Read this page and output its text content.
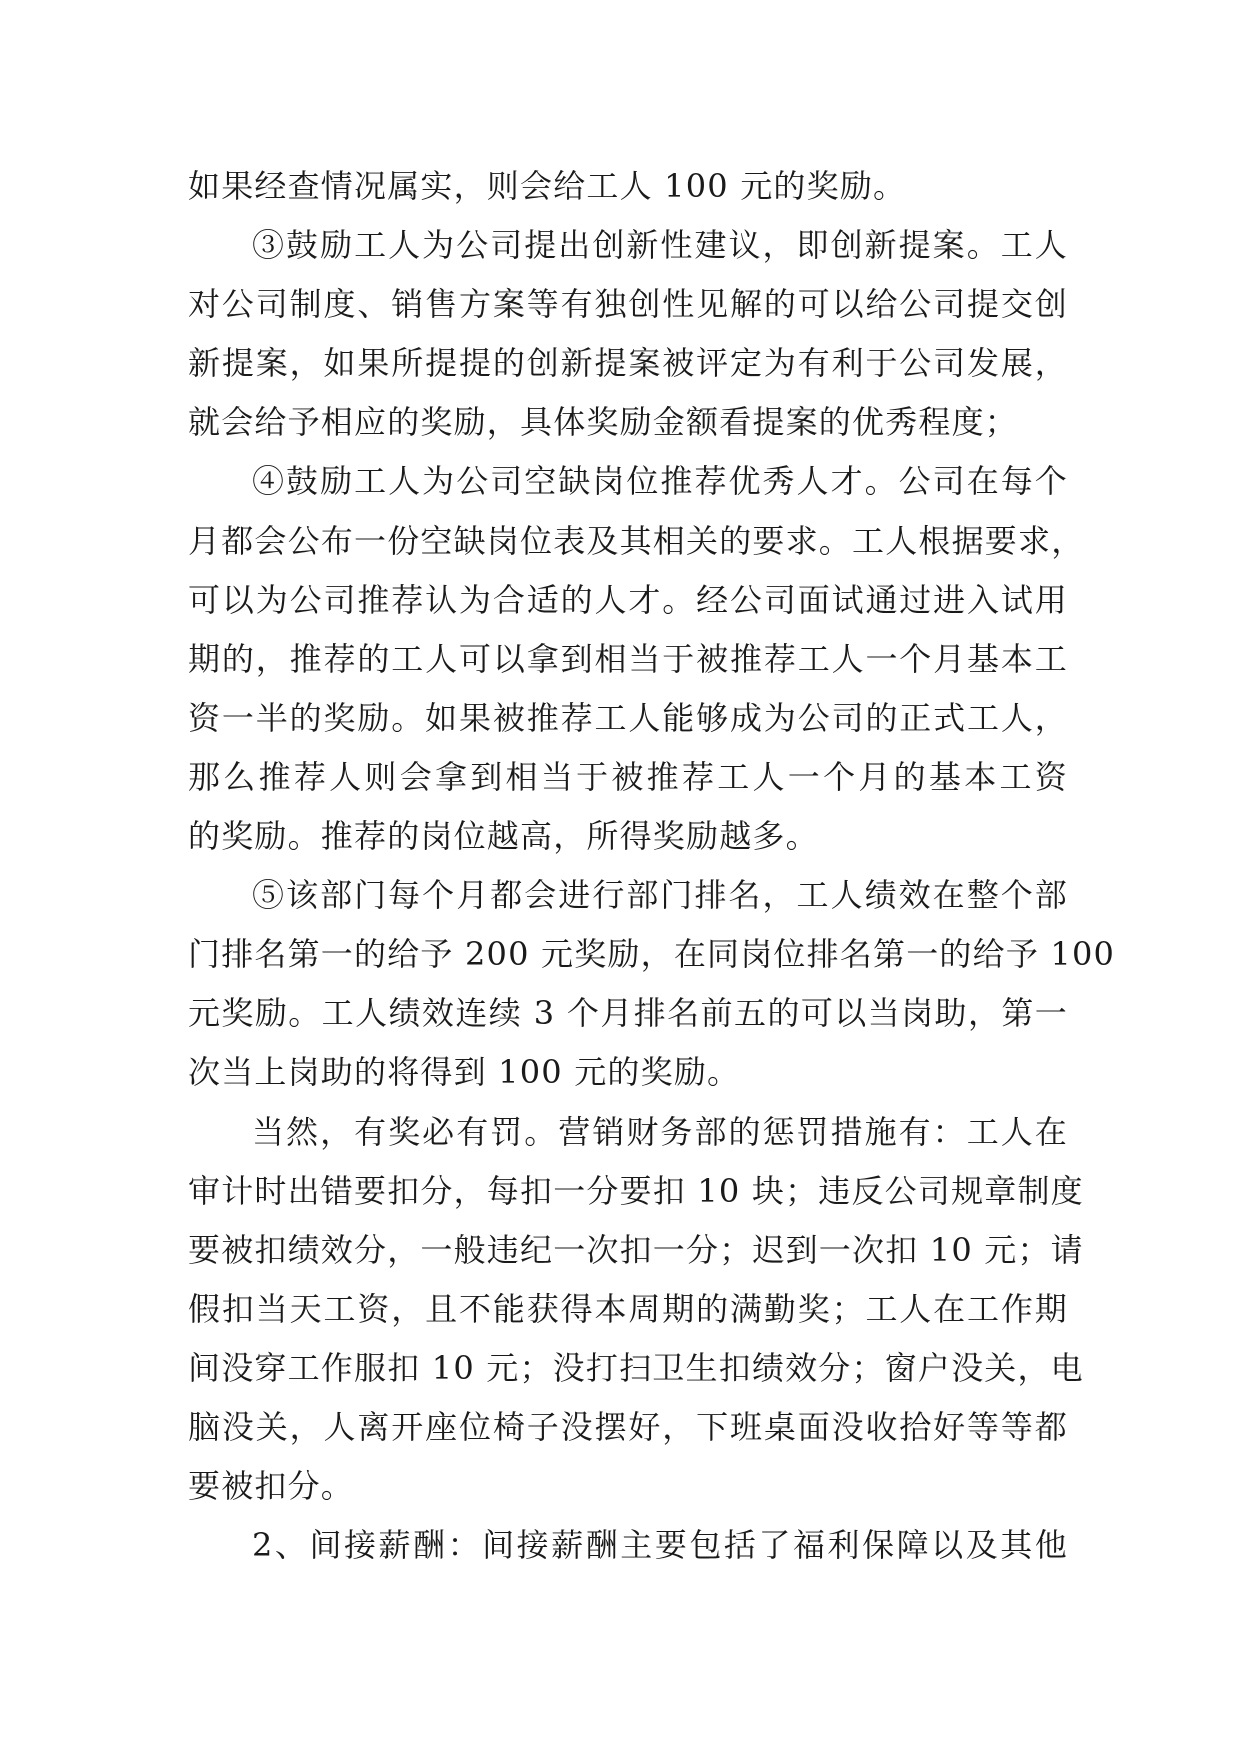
如果经查情况属实，则会给工人 100 元的奖励。
③鼓励工人为公司提出创新性建议，即创新提案。工人
对公司制度、销售方案等有独创性见解的可以给公司提交创
新提案，如果所提提的创新提案被评定为有利于公司发展，
就会给予相应的奖励，具体奖励金额看提案的优秀程度；
④鼓励工人为公司空缺岗位推荐优秀人才。公司在每个
月都会公布一份空缺岗位表及其相关的要求。工人根据要求，
可以为公司推荐认为合适的人才。经公司面试通过进入试用
期的，推荐的工人可以拿到相当于被推荐工人一个月基本工
资一半的奖励。如果被推荐工人能够成为公司的正式工人，
那么推荐人则会拿到相当于被推荐工人一个月的基本工资
的奖励。推荐的岗位越高，所得奖励越多。
⑤该部门每个月都会进行部门排名，工人绩效在整个部
门排名第一的给予 200 元奖励，在同岗位排名第一的给予 100
元奖励。工人绩效连续 3 个月排名前五的可以当岗助，第一
次当上岗助的将得到 100 元的奖励。
当然，有奖必有罚。营销财务部的惩罚措施有：工人在
审计时出错要扣分，每扣一分要扣 10 块；违反公司规章制度
要被扣绩效分，一般违纪一次扣一分；迟到一次扣 10 元；请
假扣当天工资，且不能获得本周期的满勤奖；工人在工作期
间没穿工作服扣 10 元；没打扫卫生扣绩效分；窗户没关，电
脑没关，人离开座位椅子没摆好，下班桌面没收拾好等等都
要被扣分。
2、间接薪酬：间接薪酬主要包括了福利保障以及其他
